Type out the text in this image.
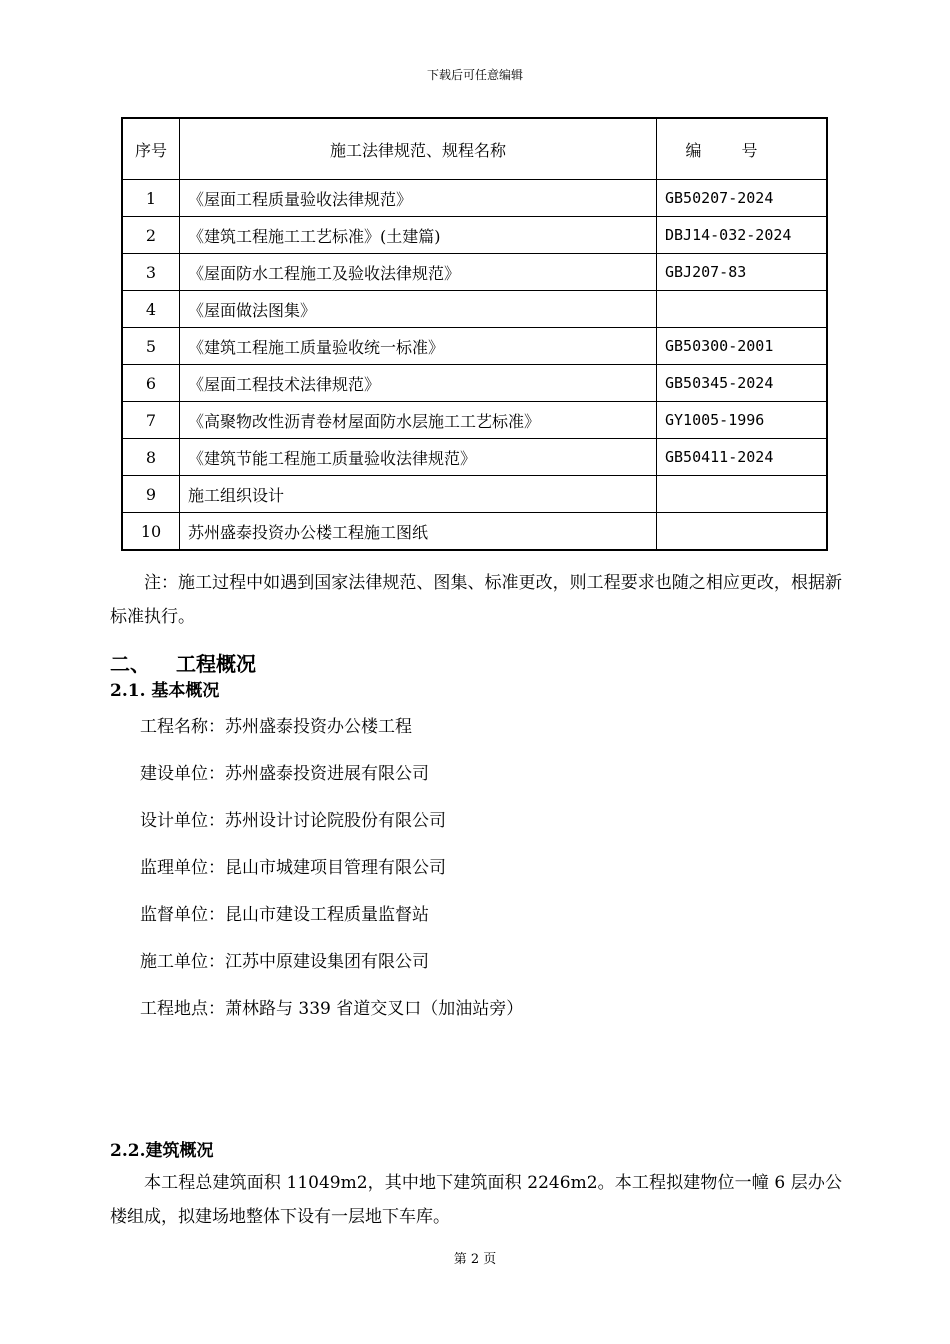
下载后可任意编辑
序号	施工法律规范、规程名称	编号
1	《屋面工程质量验收法律规范》	GB50207-2024
2	《建筑工程施工工艺标准》(土建篇)	DBJ14-032-2024
3	《屋面防水工程施工及验收法律规范》	GBJ207-83
4	《屋面做法图集》	
5	《建筑工程施工质量验收统一标准》	GB50300-2001
6	《屋面工程技术法律规范》	GB50345-2024
7	《高聚物改性沥青卷材屋面防水层施工工艺标准》	GY1005-1996
8	《建筑节能工程施工质量验收法律规范》	GB50411-2024
9	施工组织设计	
10	苏州盛泰投资办公楼工程施工图纸	
注：施工过程中如遇到国家法律规范、图集、标准更改，则工程要求也随之相应更改，根据新标准执行。
二、 工程概况
2.1. 基本概况
工程名称：苏州盛泰投资办公楼工程
建设单位：苏州盛泰投资进展有限公司
设计单位：苏州设计讨论院股份有限公司
监理单位：昆山市城建项目管理有限公司
监督单位：昆山市建设工程质量监督站
施工单位：江苏中原建设集团有限公司
工程地点：萧林路与 339 省道交叉口（加油站旁）
2.2.建筑概况
本工程总建筑面积 11049m2，其中地下建筑面积 2246m2。本工程拟建物位一幢 6 层办公楼组成，拟建场地整体下设有一层地下车库。
第 2 页
